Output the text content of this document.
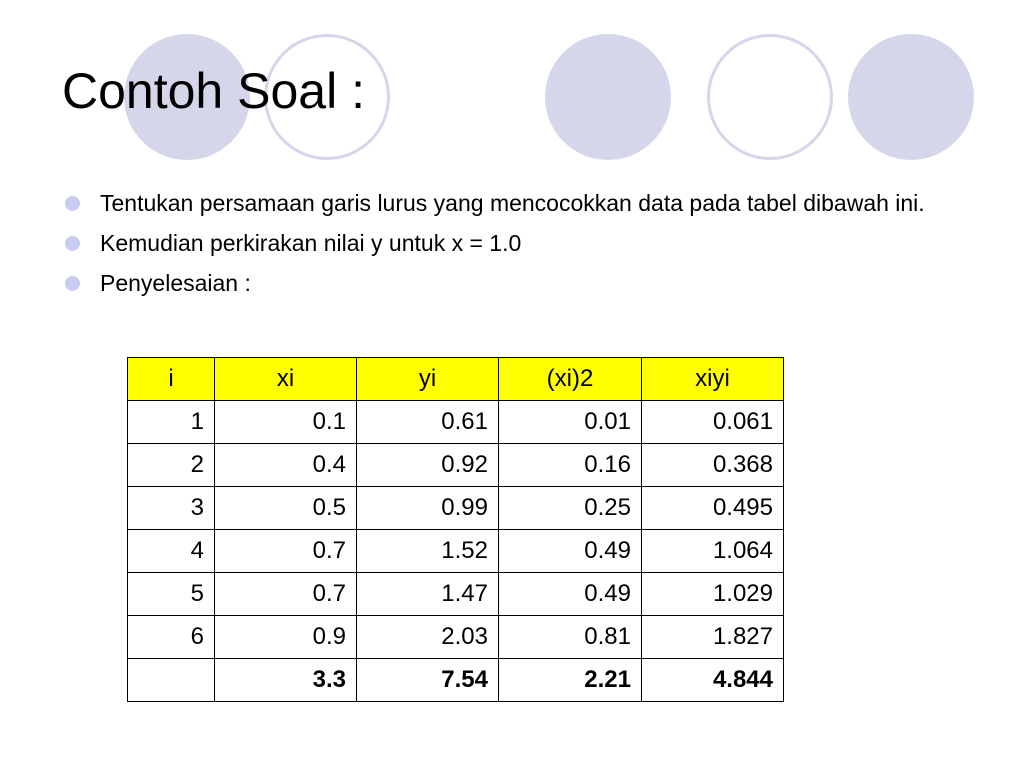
Contoh Soal :
Tentukan persamaan garis lurus yang mencocokkan data pada tabel dibawah ini.
Kemudian perkirakan nilai y untuk x = 1.0
Penyelesaian :
i	xi	yi	(xi)2	xiyi
1	0.1	0.61	0.01	0.061
2	0.4	0.92	0.16	0.368
3	0.5	0.99	0.25	0.495
4	0.7	1.52	0.49	1.064
5	0.7	1.47	0.49	1.029
6	0.9	2.03	0.81	1.827
	3.3	7.54	2.21	4.844
